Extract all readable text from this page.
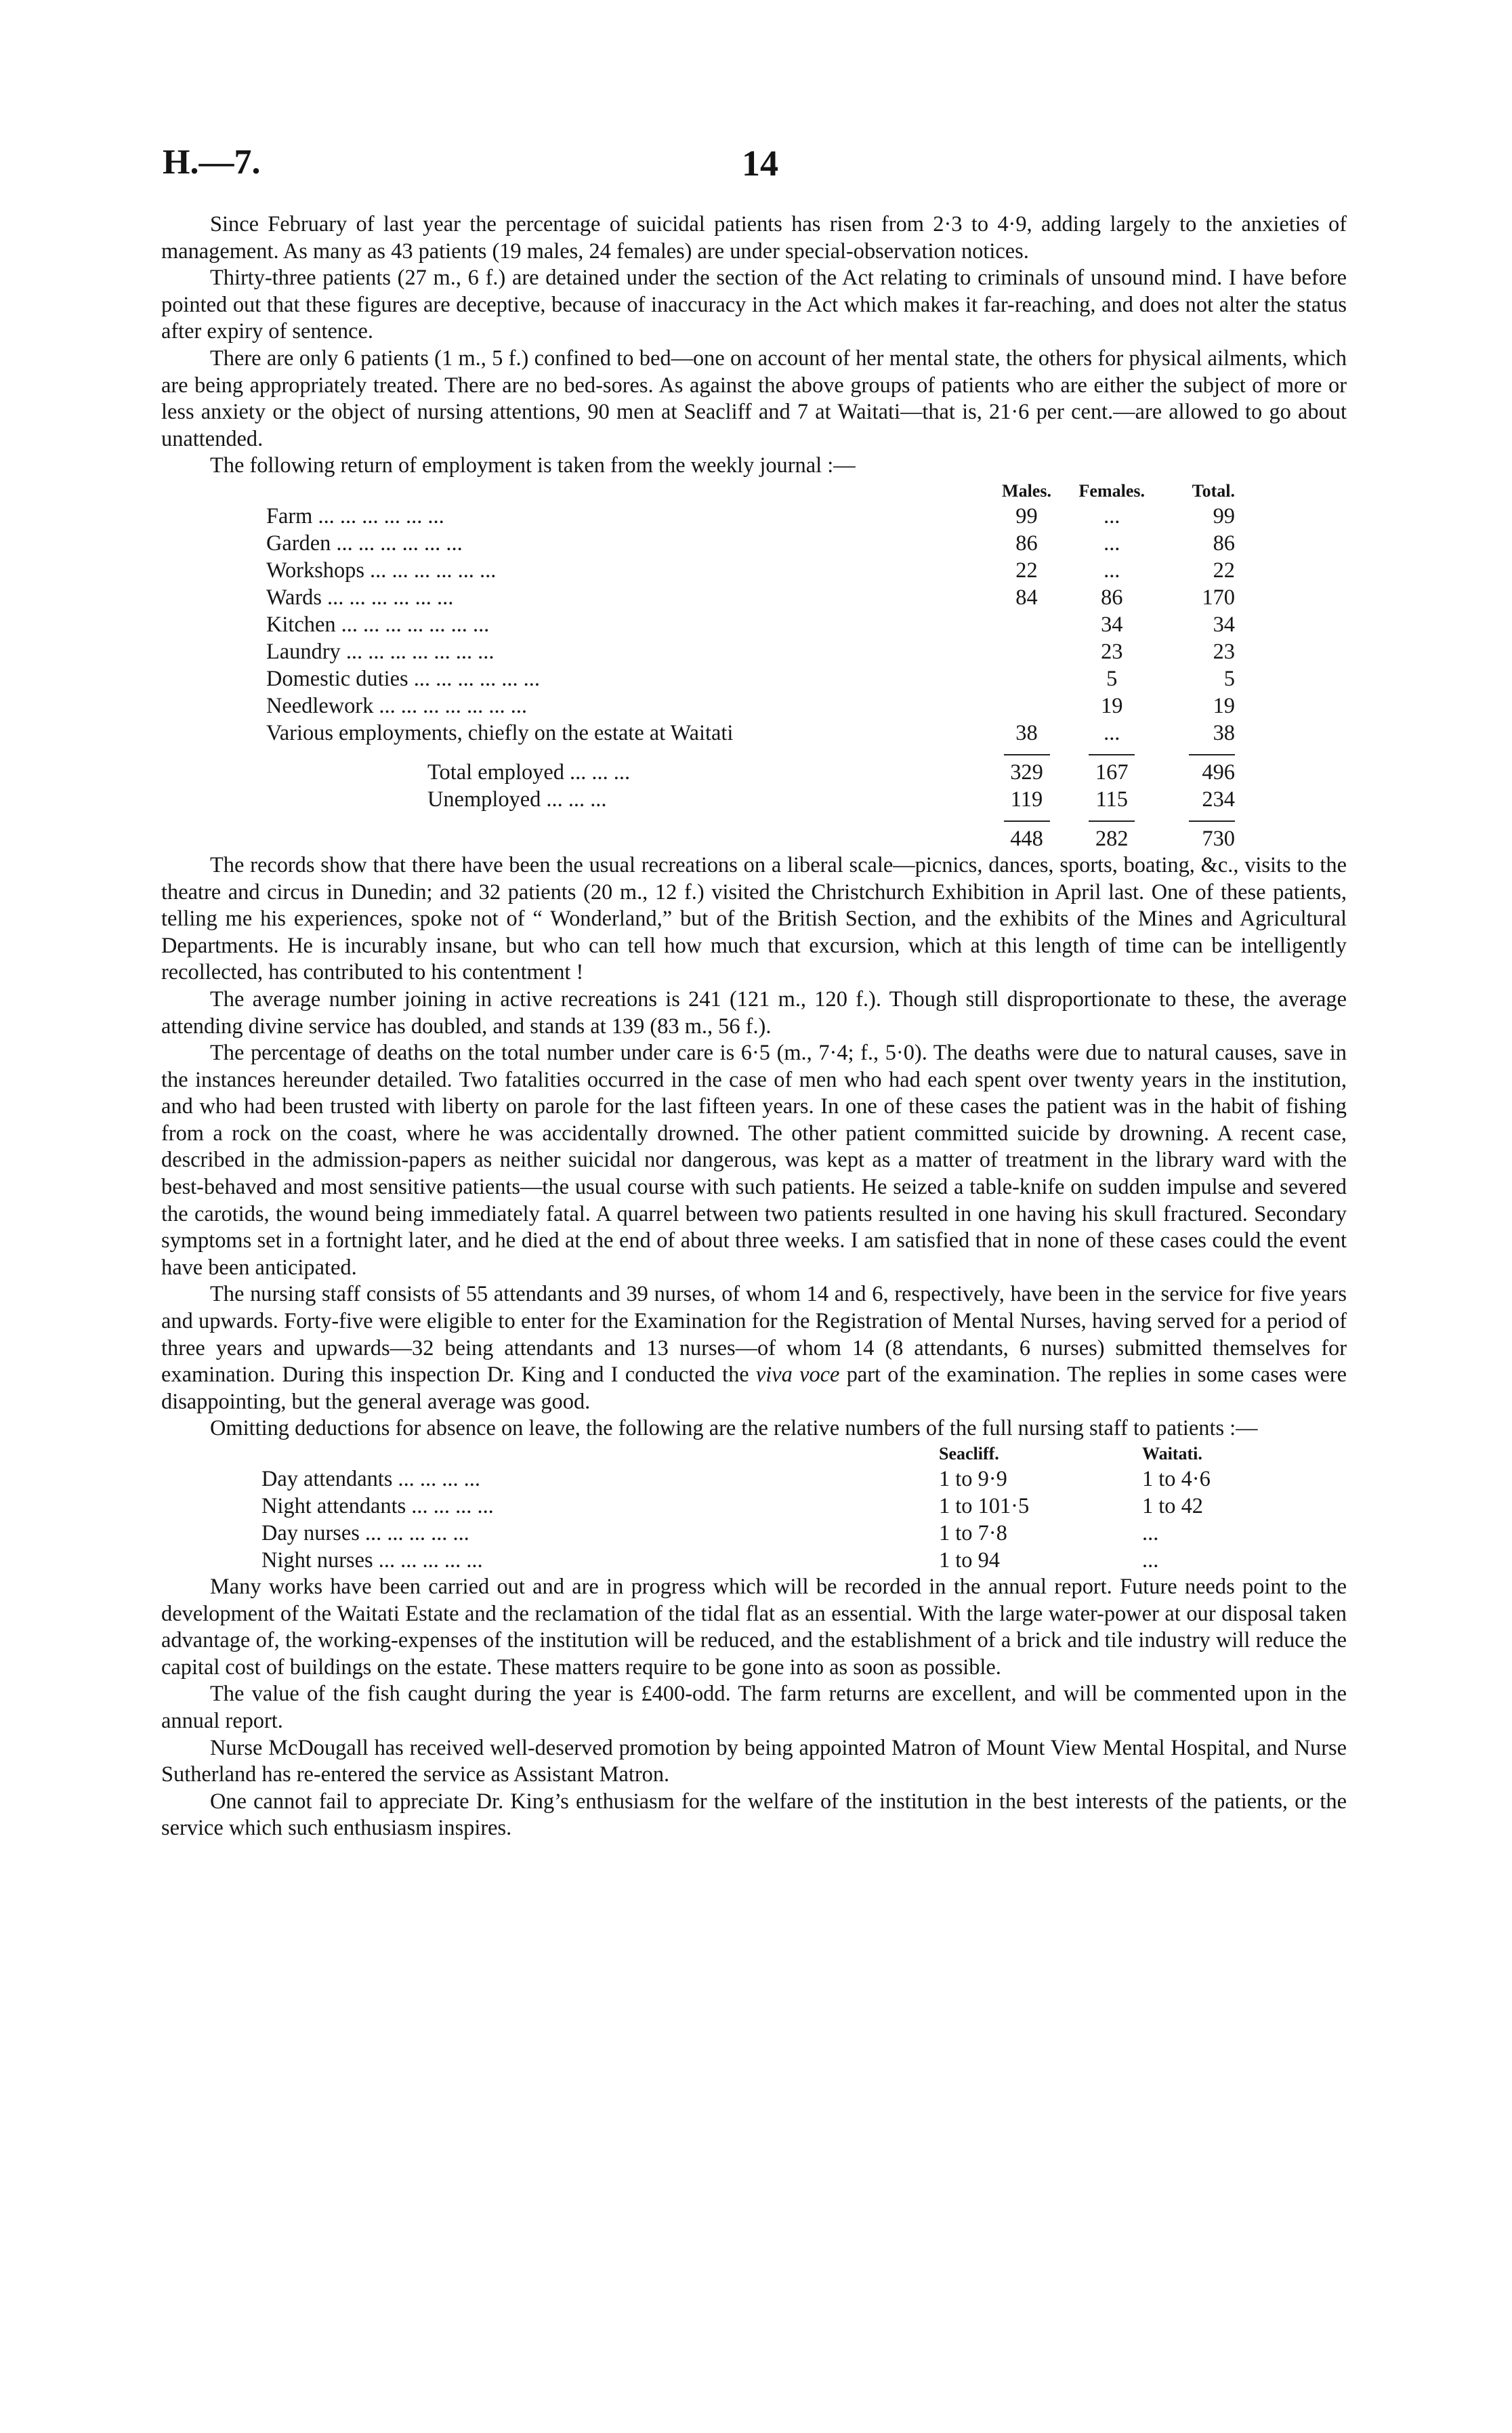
H.—7.	14

Since February of last year the percentage of suicidal patients has risen from 2·3 to 4·9, adding largely to the anxieties of management. As many as 43 patients (19 males, 24 females) are under special-observation notices.

Thirty-three patients (27 m., 6 f.) are detained under the section of the Act relating to criminals of unsound mind. I have before pointed out that these figures are deceptive, because of inaccuracy in the Act which makes it far-reaching, and does not alter the status after expiry of sentence.

There are only 6 patients (1 m., 5 f.) confined to bed—one on account of her mental state, the others for physical ailments, which are being appropriately treated. There are no bed-sores. As against the above groups of patients who are either the subject of more or less anxiety or the object of nursing attentions, 90 men at Seacliff and 7 at Waitati—that is, 21·6 per cent.—are allowed to go about unattended.

The following return of employment is taken from the weekly journal :—

	Males.	Females.	Total.
Farm ... ... ... ... ... ...	99	...	99
Garden ... ... ... ... ... ...	86	...	86
Workshops ... ... ... ... ... ...	22	...	22
Wards ... ... ... ... ... ...	84	86	170
Kitchen ... ... ... ... ... ... ...		34	34
Laundry ... ... ... ... ... ... ...		23	23
Domestic duties ... ... ... ... ... ...		5	5
Needlework ... ... ... ... ... ... ...		19	19
Various employments, chiefly on the estate at Waitati	38	...	38

Total employed ... ... ...	329	167	496
Unemployed ... ... ...	119	115	234

	448	282	730

The records show that there have been the usual recreations on a liberal scale—picnics, dances, sports, boating, &c., visits to the theatre and circus in Dunedin; and 32 patients (20 m., 12 f.) visited the Christchurch Exhibition in April last. One of these patients, telling me his experiences, spoke not of “ Wonderland,” but of the British Section, and the exhibits of the Mines and Agricultural Departments. He is incurably insane, but who can tell how much that excursion, which at this length of time can be intelligently recollected, has contributed to his contentment !

The average number joining in active recreations is 241 (121 m., 120 f.). Though still disproportionate to these, the average attending divine service has doubled, and stands at 139 (83 m., 56 f.).

The percentage of deaths on the total number under care is 6·5 (m., 7·4; f., 5·0). The deaths were due to natural causes, save in the instances hereunder detailed. Two fatalities occurred in the case of men who had each spent over twenty years in the institution, and who had been trusted with liberty on parole for the last fifteen years. In one of these cases the patient was in the habit of fishing from a rock on the coast, where he was accidentally drowned. The other patient committed suicide by drowning. A recent case, described in the admission-papers as neither suicidal nor dangerous, was kept as a matter of treatment in the library ward with the best-behaved and most sensitive patients—the usual course with such patients. He seized a table-knife on sudden impulse and severed the carotids, the wound being immediately fatal. A quarrel between two patients resulted in one having his skull fractured. Secondary symptoms set in a fortnight later, and he died at the end of about three weeks. I am satisfied that in none of these cases could the event have been anticipated.

The nursing staff consists of 55 attendants and 39 nurses, of whom 14 and 6, respectively, have been in the service for five years and upwards. Forty-five were eligible to enter for the Examination for the Registration of Mental Nurses, having served for a period of three years and upwards—32 being attendants and 13 nurses—of whom 14 (8 attendants, 6 nurses) submitted themselves for examination. During this inspection Dr. King and I conducted the viva voce part of the examination. The replies in some cases were disappointing, but the general average was good.

Omitting deductions for absence on leave, the following are the relative numbers of the full nursing staff to patients :—

	Seacliff.	Waitati.
Day attendants ... ... ... ...	1 to 9·9	1 to 4·6
Night attendants ... ... ... ...	1 to 101·5	1 to 42
Day nurses ... ... ... ... ...	1 to 7·8	...
Night nurses ... ... ... ... ...	1 to 94	...

Many works have been carried out and are in progress which will be recorded in the annual report. Future needs point to the development of the Waitati Estate and the reclamation of the tidal flat as an essential. With the large water-power at our disposal taken advantage of, the working-expenses of the institution will be reduced, and the establishment of a brick and tile industry will reduce the capital cost of buildings on the estate. These matters require to be gone into as soon as possible.

The value of the fish caught during the year is £400-odd. The farm returns are excellent, and will be commented upon in the annual report.

Nurse McDougall has received well-deserved promotion by being appointed Matron of Mount View Mental Hospital, and Nurse Sutherland has re-entered the service as Assistant Matron.

One cannot fail to appreciate Dr. King’s enthusiasm for the welfare of the institution in the best interests of the patients, or the service which such enthusiasm inspires.
